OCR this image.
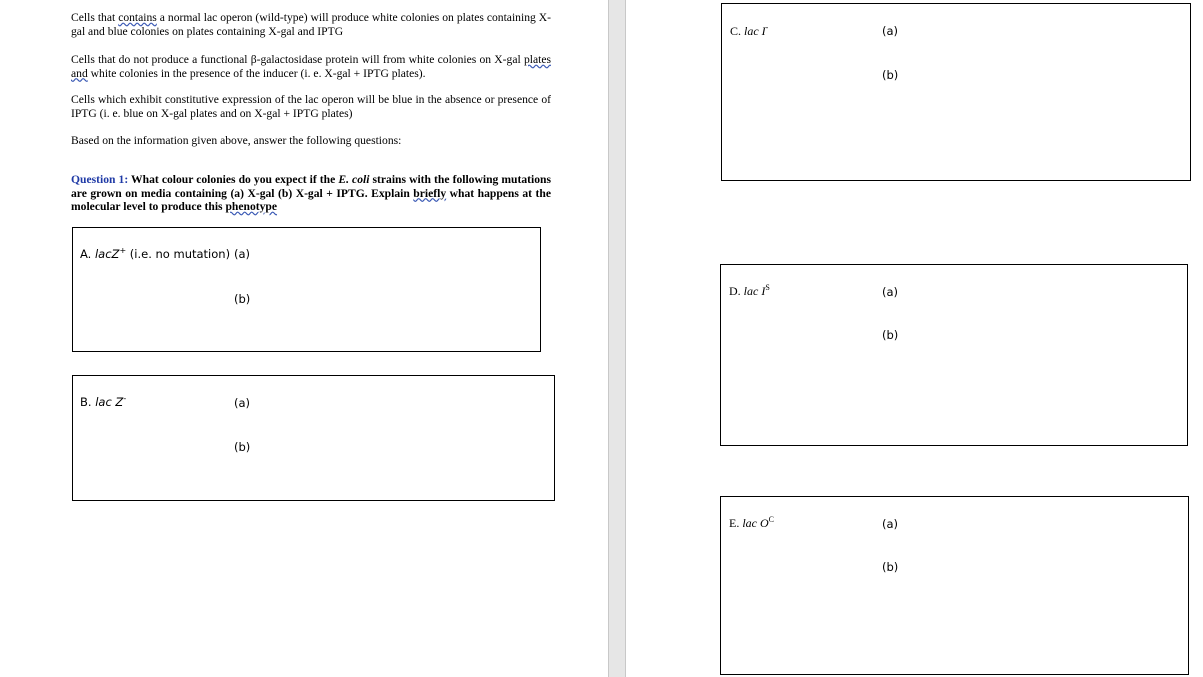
Cells that contains a normal lac operon (wild-type) will produce white colonies on plates containing X-gal and blue colonies on plates containing X-gal and IPTG
Cells that do not produce a functional β-galactosidase protein will from white colonies on X-gal plates and white colonies in the presence of the inducer (i. e. X-gal + IPTG plates).
Cells which exhibit constitutive expression of the lac operon will be blue in the absence or presence of IPTG (i. e. blue on X-gal plates and on X-gal + IPTG plates)
Based on the information given above, answer the following questions:
Question 1: What colour colonies do you expect if the E. coli strains with the following mutations are grown on media containing (a) X-gal (b) X-gal + IPTG. Explain briefly what happens at the molecular level to produce this phenotype
A. lacZ+ (i.e. no mutation) (a)
(b)
B. lac Z-	(a)
(b)
C. lac I-	(a)
(b)
D. lac $I^S$	(a)
(b)
E. lac $O^C$	(a)
(b)
